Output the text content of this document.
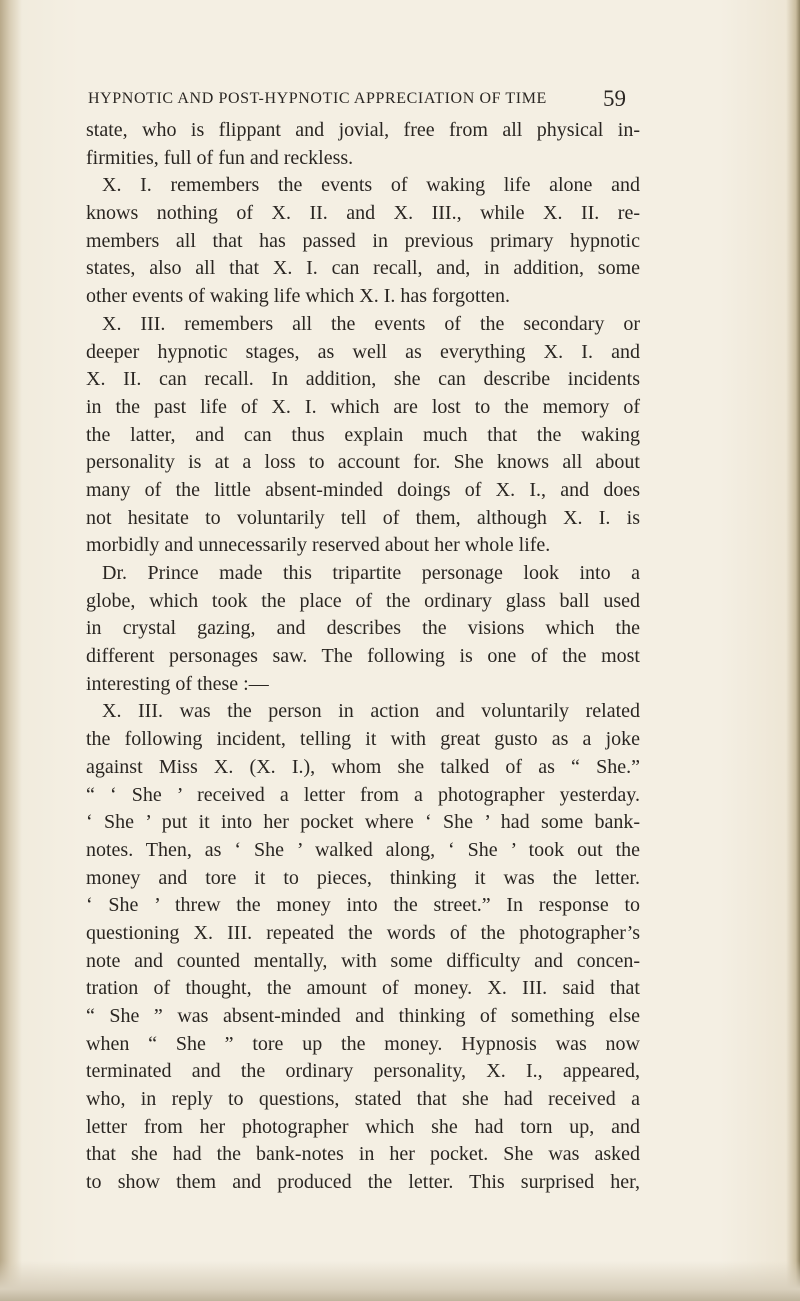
HYPNOTIC AND POST-HYPNOTIC APPRECIATION OF TIME 59
state, who is flippant and jovial, free from all physical in-
firmities, full of fun and reckless.
X. I. remembers the events of waking life alone and
knows nothing of X. II. and X. III., while X. II. re-
members all that has passed in previous primary hypnotic
states, also all that X. I. can recall, and, in addition, some
other events of waking life which X. I. has forgotten.
X. III. remembers all the events of the secondary or
deeper hypnotic stages, as well as everything X. I. and
X. II. can recall. In addition, she can describe incidents
in the past life of X. I. which are lost to the memory of
the latter, and can thus explain much that the waking
personality is at a loss to account for. She knows all about
many of the little absent-minded doings of X. I., and does
not hesitate to voluntarily tell of them, although X. I. is
morbidly and unnecessarily reserved about her whole life.
Dr. Prince made this tripartite personage look into a
globe, which took the place of the ordinary glass ball used
in crystal gazing, and describes the visions which the
different personages saw. The following is one of the most
interesting of these :—
X. III. was the person in action and voluntarily related
the following incident, telling it with great gusto as a joke
against Miss X. (X. I.), whom she talked of as “ She.”
“ ‘ She ’ received a letter from a photographer yesterday.
‘ She ’ put it into her pocket where ‘ She ’ had some bank-
notes. Then, as ‘ She ’ walked along, ‘ She ’ took out the
money and tore it to pieces, thinking it was the letter.
‘ She ’ threw the money into the street.” In response to
questioning X. III. repeated the words of the photographer’s
note and counted mentally, with some difficulty and concen-
tration of thought, the amount of money. X. III. said that
“ She ” was absent-minded and thinking of something else
when “ She ” tore up the money. Hypnosis was now
terminated and the ordinary personality, X. I., appeared,
who, in reply to questions, stated that she had received a
letter from her photographer which she had torn up, and
that she had the bank-notes in her pocket. She was asked
to show them and produced the letter. This surprised her,
